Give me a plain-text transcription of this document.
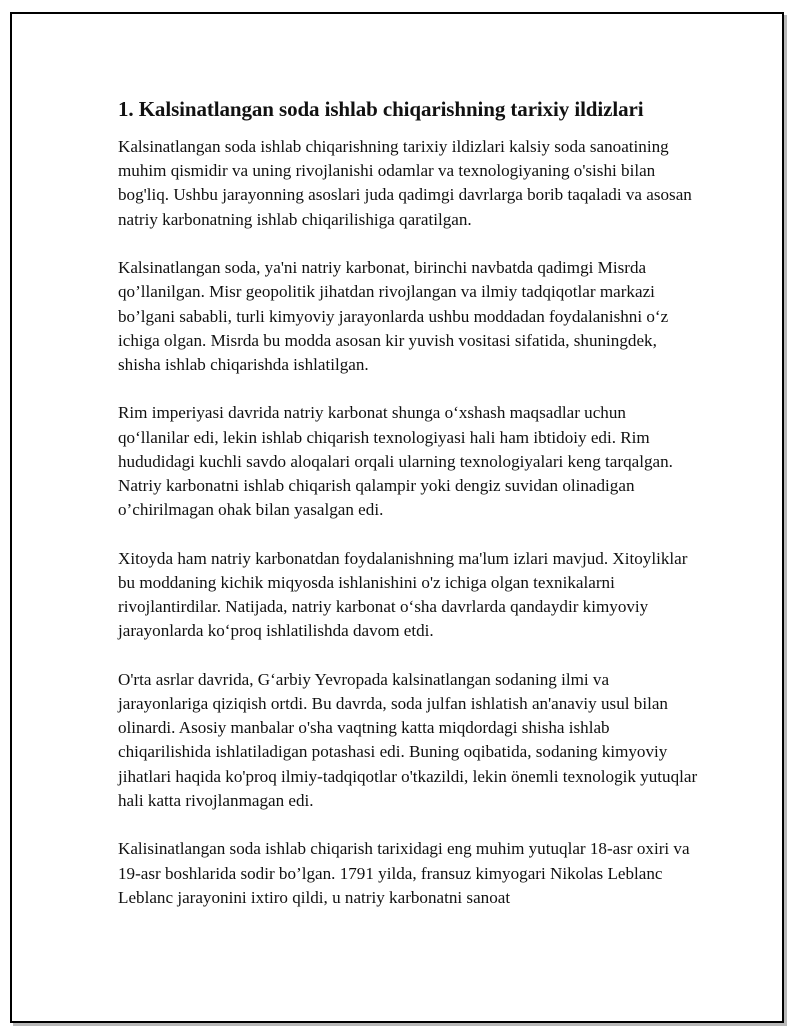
1. Kalsinatlangan soda ishlab chiqarishning tarixiy ildizlari

Kalsinatlangan soda ishlab chiqarishning tarixiy ildizlari kalsiy soda sanoatining muhim qismidir va uning rivojlanishi odamlar va texnologiyaning o'sishi bilan bog'liq. Ushbu jarayonning asoslari juda qadimgi davrlarga borib taqaladi va asosan natriy karbonatning ishlab chiqarilishiga qaratilgan.

Kalsinatlangan soda, ya'ni natriy karbonat, birinchi navbatda qadimgi Misrda qo’llanilgan. Misr geopolitik jihatdan rivojlangan va ilmiy tadqiqotlar markazi bo’lgani sababli, turli kimyoviy jarayonlarda ushbu moddadan foydalanishni o‘z ichiga olgan. Misrda bu modda asosan kir yuvish vositasi sifatida, shuningdek, shisha ishlab chiqarishda ishlatilgan.

Rim imperiyasi davrida natriy karbonat shunga o‘xshash maqsadlar uchun qo‘llanilar edi, lekin ishlab chiqarish texnologiyasi hali ham ibtidoiy edi. Rim hududidagi kuchli savdo aloqalari orqali ularning texnologiyalari keng tarqalgan. Natriy karbonatni ishlab chiqarish qalampir yoki dengiz suvidan olinadigan o’chirilmagan ohak bilan yasalgan edi.

Xitoyda ham natriy karbonatdan foydalanishning ma'lum izlari mavjud. Xitoyliklar bu moddaning kichik miqyosda ishlanishini o'z ichiga olgan texnikalarni rivojlantirdilar. Natijada, natriy karbonat o‘sha davrlarda qandaydir kimyoviy jarayonlarda ko‘proq ishlatilishda davom etdi.

O'rta asrlar davrida, G‘arbiy Yevropada kalsinatlangan sodaning ilmi va jarayonlariga qiziqish ortdi. Bu davrda, soda julfan ishlatish an'anaviy usul bilan olinardi. Asosiy manbalar o'sha vaqtning katta miqdordagi shisha ishlab chiqarilishida ishlatiladigan potashasi edi. Buning oqibatida, sodaning kimyoviy jihatlari haqida ko'proq ilmiy-tadqiqotlar o'tkazildi, lekin önemli texnologik yutuqlar hali katta rivojlanmagan edi.

Kalisinatlangan soda ishlab chiqarish tarixidagi eng muhim yutuqlar 18-asr oxiri va 19-asr boshlarida sodir bo’lgan. 1791 yilda, fransuz kimyogari Nikolas Leblanc Leblanc jarayonini ixtiro qildi, u natriy karbonatni sanoat
